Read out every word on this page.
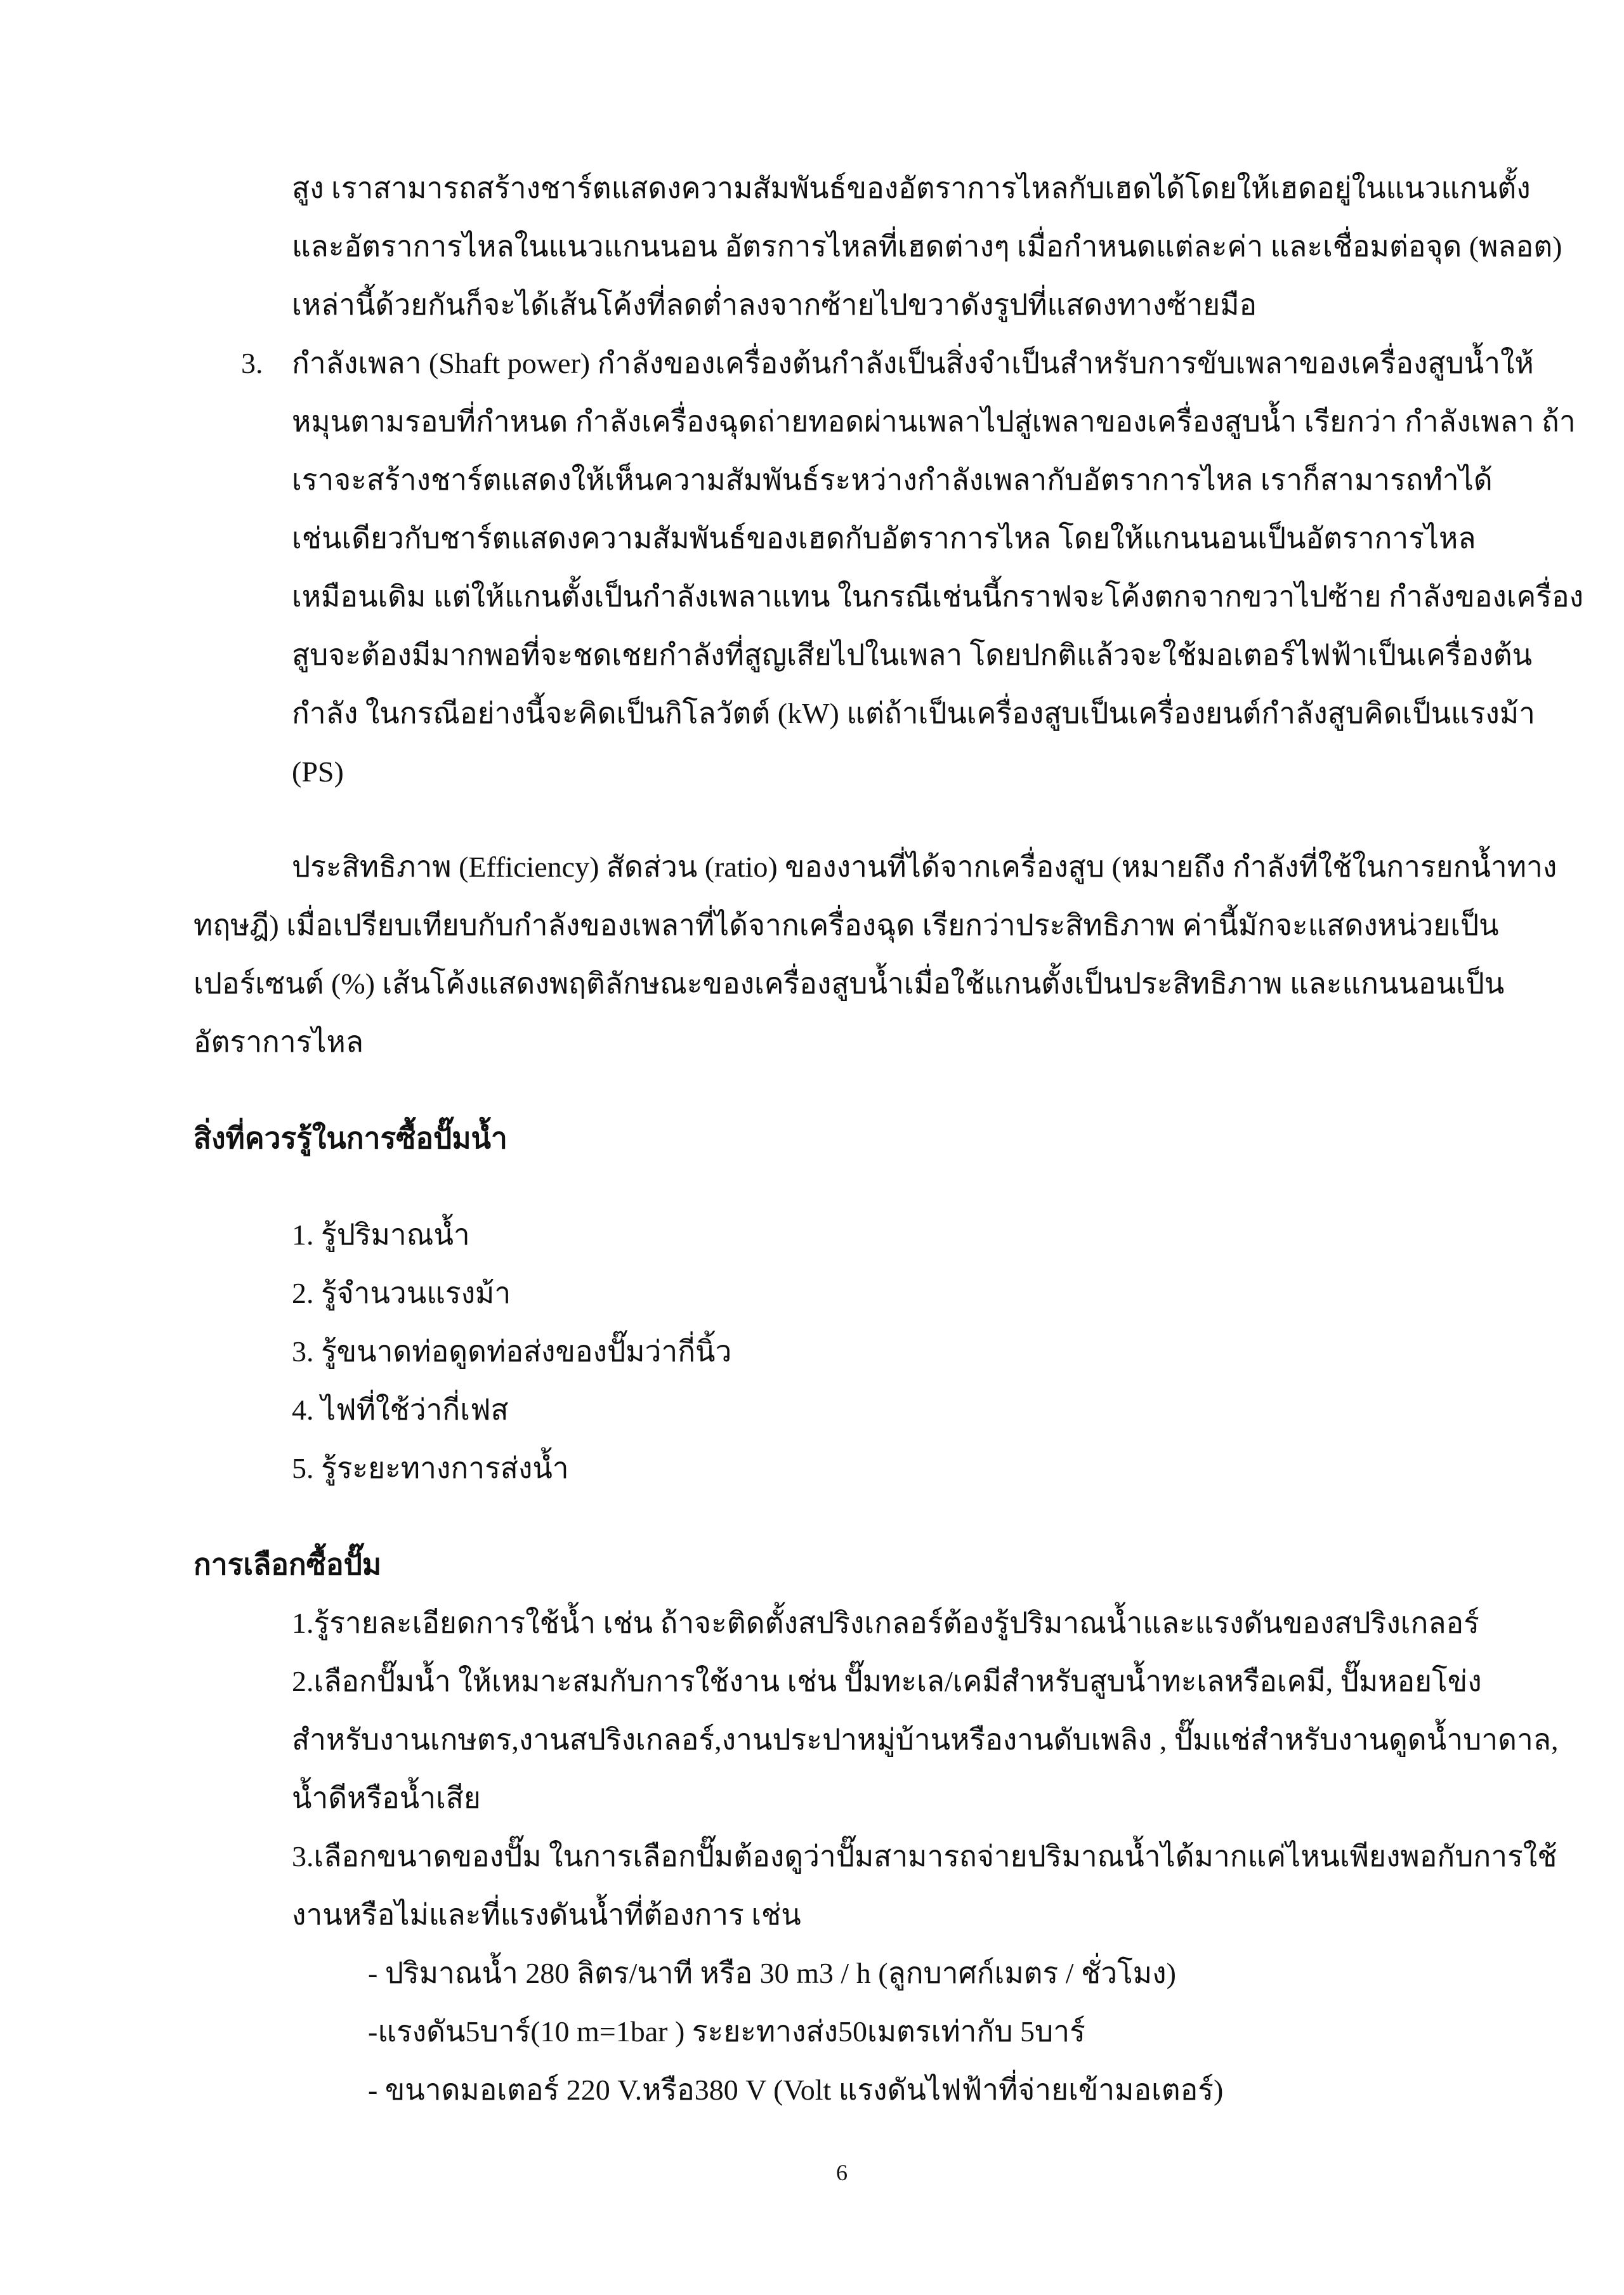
สูง เราสามารถสร้างชาร์ตแสดงความสัมพันธ์ของอัตราการไหลกับเฮดได้โดยให้เฮดอยู่ในแนวแกนตั้ง
และอัตราการไหลในแนวแกนนอน อัตรการไหลที่เฮดต่างๆ เมื่อกำหนดแต่ละค่า และเชื่อมต่อจุด (พลอต)
เหล่านี้ด้วยกันก็จะได้เส้นโค้งที่ลดต่ำลงจากซ้ายไปขวาดังรูปที่แสดงทางซ้ายมือ
3. กำลังเพลา (Shaft power) กำลังของเครื่องต้นกำลังเป็นสิ่งจำเป็นสำหรับการขับเพลาของเครื่องสูบน้ำให้
หมุนตามรอบที่กำหนด กำลังเครื่องฉุดถ่ายทอดผ่านเพลาไปสู่เพลาของเครื่องสูบน้ำ เรียกว่า กำลังเพลา ถ้า
เราจะสร้างชาร์ตแสดงให้เห็นความสัมพันธ์ระหว่างกำลังเพลากับอัตราการไหล เราก็สามารถทำได้
เช่นเดียวกับชาร์ตแสดงความสัมพันธ์ของเฮดกับอัตราการไหล โดยให้แกนนอนเป็นอัตราการไหล
เหมือนเดิม แต่ให้แกนตั้งเป็นกำลังเพลาแทน ในกรณีเช่นนี้กราฟจะโค้งตกจากขวาไปซ้าย กำลังของเครื่อง
สูบจะต้องมีมากพอที่จะชดเชยกำลังที่สูญเสียไปในเพลา โดยปกติแล้วจะใช้มอเตอร์ไฟฟ้าเป็นเครื่องต้น
กำลัง ในกรณีอย่างนี้จะคิดเป็นกิโลวัตต์ (kW) แต่ถ้าเป็นเครื่องสูบเป็นเครื่องยนต์กำลังสูบคิดเป็นแรงม้า
(PS)
ประสิทธิภาพ (Efficiency) สัดส่วน (ratio) ของงานที่ได้จากเครื่องสูบ (หมายถึง กำลังที่ใช้ในการยกน้ำทาง
ทฤษฎี) เมื่อเปรียบเทียบกับกำลังของเพลาที่ได้จากเครื่องฉุด เรียกว่าประสิทธิภาพ ค่านี้มักจะแสดงหน่วยเป็น
เปอร์เซนต์ (%) เส้นโค้งแสดงพฤติลักษณะของเครื่องสูบน้ำเมื่อใช้แกนตั้งเป็นประสิทธิภาพ และแกนนอนเป็น
อัตราการไหล
สิ่งที่ควรรู้ในการซื้อปั๊มน้ำ
1. รู้ปริมาณน้ำ
2. รู้จำนวนแรงม้า
3. รู้ขนาดท่อดูดท่อส่งของปั๊มว่ากี่นิ้ว
4. ไฟที่ใช้ว่ากี่เฟส
5. รู้ระยะทางการส่งน้ำ
การเลือกซื้อปั๊ม
1.รู้รายละเอียดการใช้น้ำ เช่น ถ้าจะติดตั้งสปริงเกลอร์ต้องรู้ปริมาณน้ำและแรงดันของสปริงเกลอร์
2.เลือกปั๊มน้ำ ให้เหมาะสมกับการใช้งาน เช่น ปั๊มทะเล/เคมีสำหรับสูบน้ำทะเลหรือเคมี, ปั๊มหอยโข่ง
สำหรับงานเกษตร,งานสปริงเกลอร์,งานประปาหมู่บ้านหรืองานดับเพลิง , ปั๊มแช่สำหรับงานดูดน้ำบาดาล,
น้ำดีหรือน้ำเสีย
3.เลือกขนาดของปั๊ม ในการเลือกปั๊มต้องดูว่าปั๊มสามารถจ่ายปริมาณน้ำได้มากแค่ไหนเพียงพอกับการใช้
งานหรือไม่และที่แรงดันน้ำที่ต้องการ เช่น
- ปริมาณน้ำ 280 ลิตร/นาที หรือ 30 m3 / h (ลูกบาศก์เมตร / ชั่วโมง)
-แรงดัน5บาร์(10 m=1bar ) ระยะทางส่ง50เมตรเท่ากับ 5บาร์
- ขนาดมอเตอร์ 220 V.หรือ380 V (Volt แรงดันไฟฟ้าที่จ่ายเข้ามอเตอร์)
6
